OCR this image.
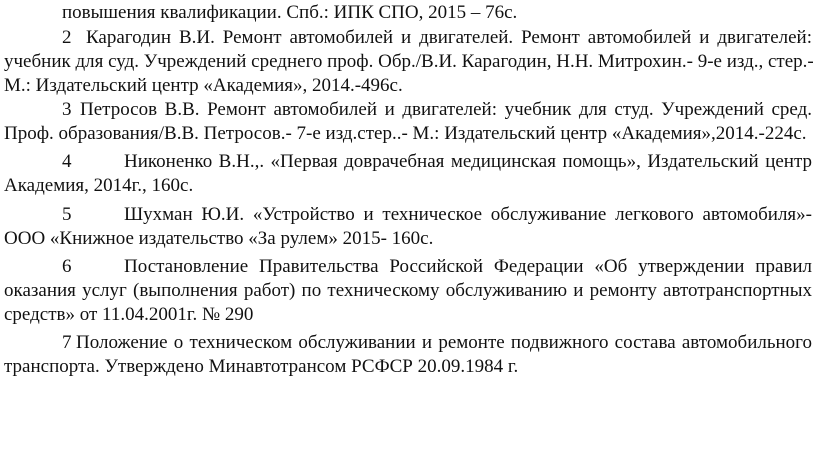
повышения квалификации. Спб.: ИПК СПО, 2015 – 76с.
2 Карагодин В.И. Ремонт автомобилей и двигателей. Ремонт автомобилей и двигателей:
учебник для суд. Учреждений среднего проф. Обр./В.И. Карагодин, Н.Н. Митрохин.- 9-е изд., стер.-
М.: Издательский центр «Академия», 2014.-496с.
3 Петросов В.В. Ремонт автомобилей и двигателей: учебник для студ. Учреждений сред.
Проф. образования/В.В. Петросов.- 7-е изд.стер..- М.: Издательский центр «Академия»,2014.-224с.
4	Никоненко В.Н.,. «Первая доврачебная медицинская помощь», Издательский центр
Академия, 2014г., 160с.
5	Шухман Ю.И. «Устройство и техническое обслуживание легкового автомобиля»-
ООО «Книжное издательство «За рулем» 2015- 160с.
6	Постановление Правительства Российской Федерации «Об утверждении правил
оказания услуг (выполнения работ) по техническому обслуживанию и ремонту автотранспортных
средств» от 11.04.2001г. № 290
7 Положение о техническом обслуживании и ремонте подвижного состава автомобильного
транспорта. Утверждено Минавтотрансом РСФСР 20.09.1984 г.
